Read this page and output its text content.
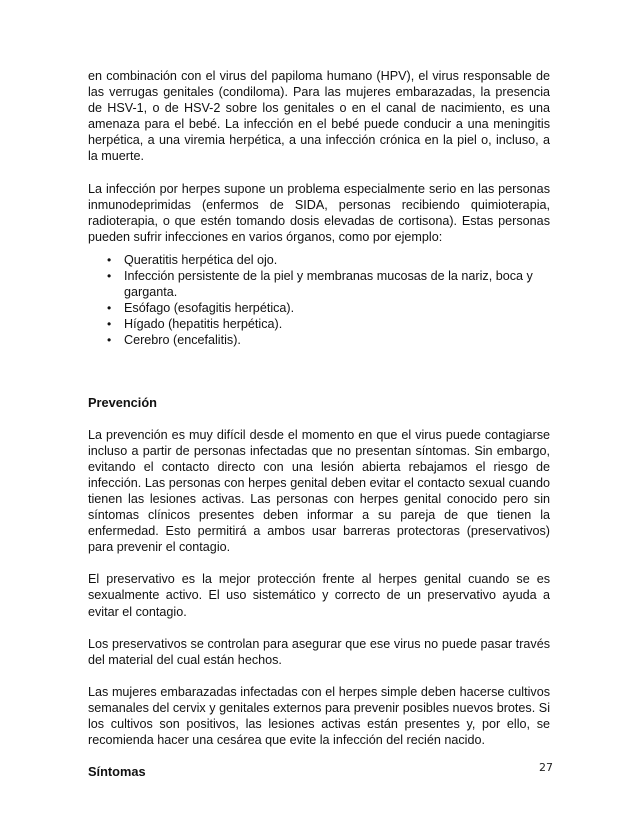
en combinación con el virus del papiloma humano (HPV), el virus responsable de las verrugas genitales (condiloma). Para las mujeres embarazadas, la presencia de HSV-1, o de HSV-2 sobre los genitales o en el canal de nacimiento, es una amenaza para el bebé. La infección en el bebé puede conducir a una meningitis herpética, a una viremia herpética, a una infección crónica en la piel o, incluso, a la muerte.

La infección por herpes supone un problema especialmente serio en las personas inmunodeprimidas (enfermos de SIDA, personas recibiendo quimioterapia, radioterapia, o que estén tomando dosis elevadas de cortisona). Estas personas pueden sufrir infecciones en varios órganos, como por ejemplo:

• Queratitis herpética del ojo.
• Infección persistente de la piel y membranas mucosas de la nariz, boca y garganta.
• Esófago (esofagitis herpética).
• Hígado (hepatitis herpética).
• Cerebro (encefalitis).
Prevención

La prevención es muy difícil desde el momento en que el virus puede contagiarse incluso a partir de personas infectadas que no presentan síntomas. Sin embargo, evitando el contacto directo con una lesión abierta rebajamos el riesgo de infección. Las personas con herpes genital deben evitar el contacto sexual cuando tienen las lesiones activas. Las personas con herpes genital conocido pero sin síntomas clínicos presentes deben informar a su pareja de que tienen la enfermedad. Esto permitirá a ambos usar barreras protectoras (preservativos) para prevenir el contagio.

El preservativo es la mejor protección frente al herpes genital cuando se es sexualmente activo. El uso sistemático y correcto de un preservativo ayuda a evitar el contagio.

Los preservativos se controlan para asegurar que ese virus no puede pasar través del material del cual están hechos.

Las mujeres embarazadas infectadas con el herpes simple deben hacerse cultivos semanales del cervix y genitales externos para prevenir posibles nuevos brotes. Si los cultivos son positivos, las lesiones activas están presentes y, por ello, se recomienda hacer una cesárea que evite la infección del recién nacido.

Síntomas	27
